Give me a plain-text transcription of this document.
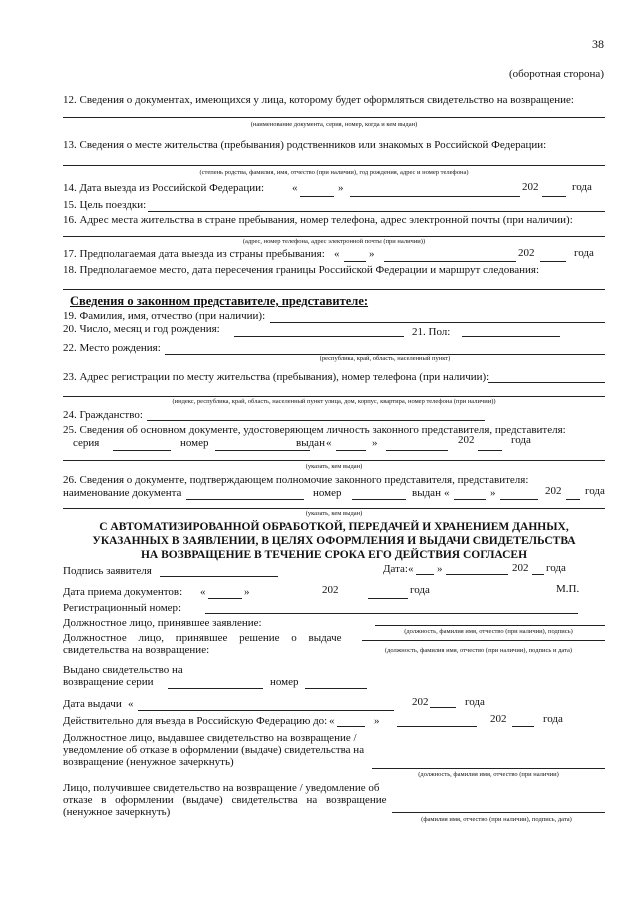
38
(оборотная сторона)
12. Сведения о документах, имеющихся у лица, которому будет оформляться свидетельство на возвращение:
(наименование документа, серия, номер, когда и кем выдан)
13. Сведения о месте жительства (пребывания) родственников или знакомых в Российской Федерации:
(степень родства, фамилия, имя, отчество (при наличии), год рождения, адрес и номер телефона)
14. Дата выезда из Российской Федерации:	«	»	202	года
15. Цель поездки:
16. Адрес места жительства в стране пребывания, номер телефона, адрес электронной почты (при наличии):
(адрес, номер телефона, адрес электронной почты (при наличии))
17. Предполагаемая дата выезда из страны пребывания: «	»	202	года
18. Предполагаемое место, дата пересечения границы Российской Федерации и маршрут следования:
Сведения о законном представителе, представителе:
19. Фамилия, имя, отчество (при наличии):
20. Число, месяц и год рождения:	21. Пол:
22. Место рождения:
(республика, край, область, населенный пункт)
23. Адрес регистрации по месту жительства (пребывания), номер телефона (при наличии):
(индекс, республика, край, область, населенный пункт улица, дом, корпус, квартира, номер телефона (при наличии))
24. Гражданство:
25. Сведения об основном документе, удостоверяющем личность законного представителя, представителя:
серия	номер	выдан «	»	202	года
(указать, кем выдан)
26. Сведения о документе, подтверждающем полномочие законного представителя, представителя:
наименование документа	номер	выдан «	»	202 года
(указать, кем выдан)
С АВТОМАТИЗИРОВАННОЙ ОБРАБОТКОЙ, ПЕРЕДАЧЕЙ И ХРАНЕНИЕМ ДАННЫХ,
УКАЗАННЫХ В ЗАЯВЛЕНИИ, В ЦЕЛЯХ ОФОРМЛЕНИЯ И ВЫДАЧИ СВИДЕТЕЛЬСТВА
НА ВОЗВРАЩЕНИЕ В ТЕЧЕНИЕ СРОКА ЕГО ДЕЙСТВИЯ СОГЛАСЕН
Подпись заявителя	Дата: « »	202 года
Дата приема документов: «	»	202	года	М.П.
Регистрационный номер:
Должностное лицо, принявшее заявление:
(должность, фамилия имя, отчество (при наличии), подпись)
Должностное лицо, принявшее решение о выдаче
свидетельства на возвращение:	(должность, фамилия имя, отчество (при наличии), подпись и дата)
Выдано свидетельство на
возвращение серии	номер
Дата выдачи «	202	года
Действительно для въезда в Российскую Федерацию до: «	»	202	года
Должностное лицо, выдавшее свидетельство на возвращение /
уведомление об отказе в оформлении (выдаче) свидетельства на
возвращение (ненужное зачеркнуть)
(должность, фамилия имя, отчество (при наличии)
Лицо, получившее свидетельство на возвращение / уведомление об
отказе в оформлении (выдаче) свидетельства на возвращение
(ненужное зачеркнуть)
(фамилия имя, отчество (при наличии), подпись, дата)
